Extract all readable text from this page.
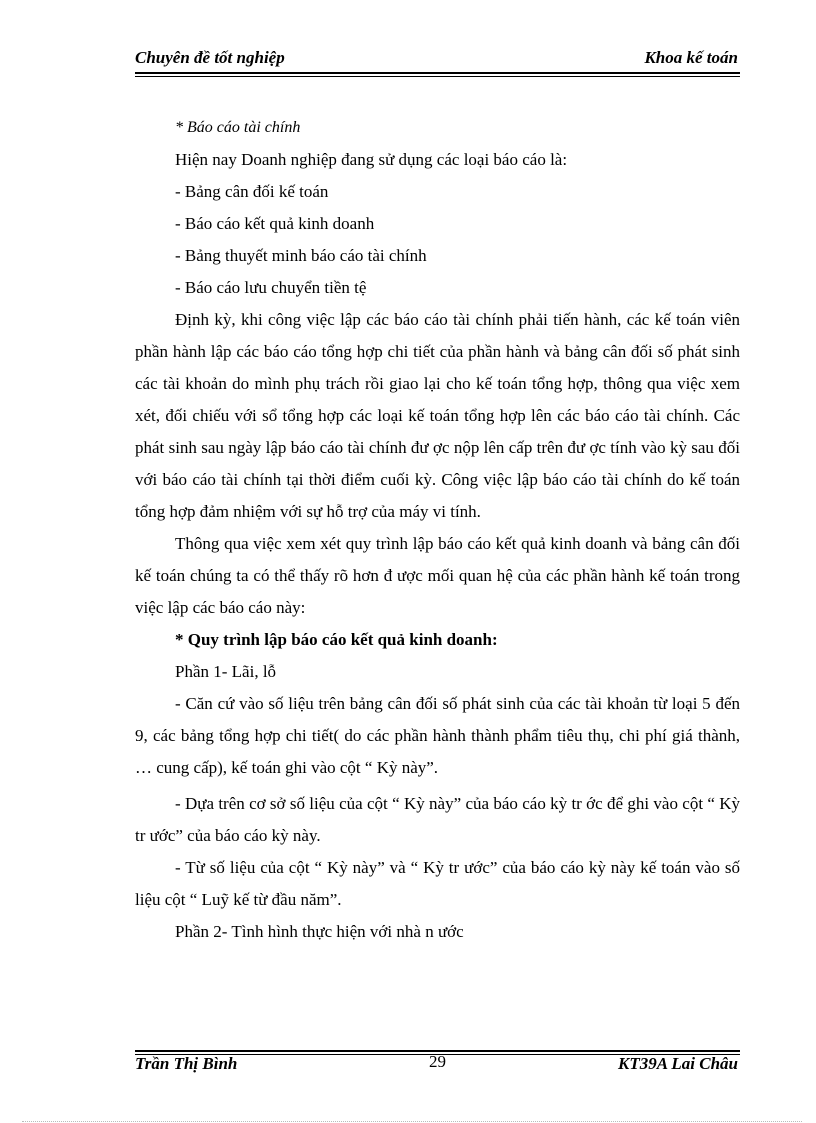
Chuyên đề tốt nghiệp	Khoa kế toán

* Báo cáo tài chính

Hiện nay Doanh nghiệp đang sử dụng các loại báo cáo là:

- Bảng cân đối kế toán

- Báo cáo kết quả kinh doanh

- Bảng thuyết minh báo cáo tài chính

- Báo cáo lưu chuyển tiền tệ

Định kỳ, khi công việc lập các báo cáo tài chính phải tiến hành, các kế toán viên phần hành lập các báo cáo tổng hợp chi tiết của phần hành và bảng cân đối số phát sinh các tài khoản do mình phụ trách rồi giao lại cho kế toán tổng hợp, thông qua việc xem xét, đối chiếu với sổ tổng hợp các loại kế toán tổng hợp lên các báo cáo tài chính. Các phát sinh sau ngày lập báo cáo tài chính đư ợc nộp lên cấp trên đư ợc tính vào kỳ sau đối với báo cáo tài chính tại thời điểm cuối kỳ. Công việc lập báo cáo tài chính do kế toán tổng hợp đảm nhiệm với sự hỗ trợ của máy vi tính.

Thông qua việc xem xét quy trình lập báo cáo kết quả kinh doanh và bảng cân đối kế toán chúng ta có thể thấy rõ hơn đ ược mối quan hệ của các phần hành kế toán trong việc lập các báo cáo này:

* Quy trình lập báo cáo kết quả kinh doanh:

Phần 1- Lãi, lỗ

- Căn cứ vào số liệu trên bảng cân đối số phát sinh của các tài khoản từ loại 5 đến 9, các bảng tổng hợp chi tiết( do các phần hành thành phẩm tiêu thụ, chi phí giá thành, … cung cấp), kế toán ghi vào cột “ Kỳ này”.

- Dựa trên cơ sở số liệu của cột “ Kỳ này” của báo cáo kỳ tr ớc để ghi vào cột “ Kỳ tr ước” của báo cáo kỳ này.

- Từ số liệu của cột “ Kỳ này” và “ Kỳ tr ước” của báo cáo kỳ này kế toán vào số liệu cột “ Luỹ kế từ đầu năm”.

Phần 2- Tình hình thực hiện với nhà n ước

Trần Thị Bình	29	KT39A Lai Châu
